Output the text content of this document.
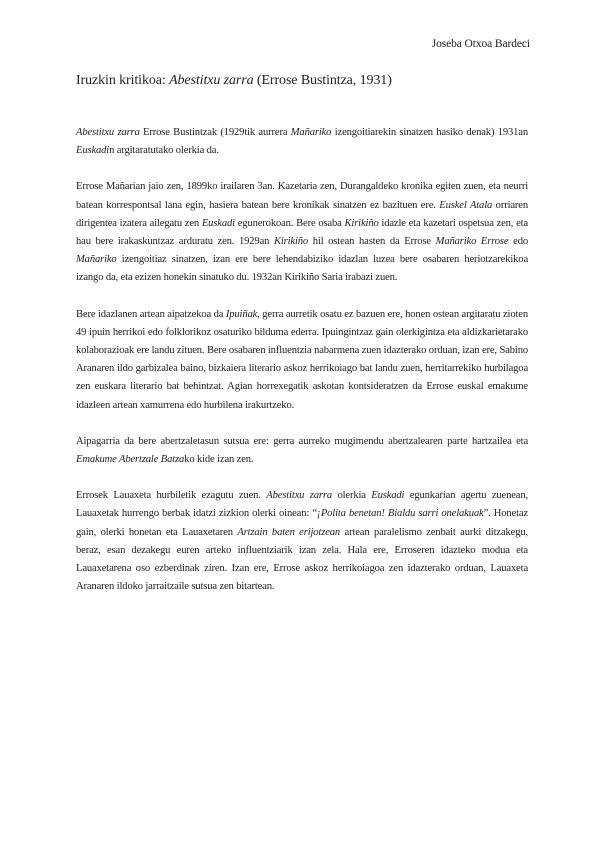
Joseba Otxoa Bardeci
Iruzkin kritikoa: Abestitxu zarra (Errose Bustintza, 1931)

Abestitxu zarra Errose Bustintzak (1929tik aurrera Mañariko izengoitiarekin sinatzen hasiko denak) 1931an Euskadin argitaratutako olerkia da.

Errose Mañarian jaio zen, 1899ko irailaren 3an. Kazetaria zen, Durangaldeko kronika egiten zuen, eta neurri batean korrespontsal lana egin, hasiera batean bere kronikak sinatzen ez bazituen ere. Euskel Atala orriaren dirigentea izatera ailegatu zen Euskadi egunerokoan. Bere osaba Kirikiño idazle eta kazetari ospetsua zen, eta hau bere irakaskuntzaz arduratu zen. 1929an Kirikiño hil ostean hasten da Errose Mañariko Errose edo Mañariko izengoitiaz sinatzen, izan ere bere lehendabiziko idazlan luzea bere osabaren heriotzarekikoa izango da, eta ezizen honekin sinatuko du. 1932an Kirikiño Saria irabazi zuen.

Bere idazlanen artean aipatzekoa da Ipuiñak, gerra aurretik osatu ez bazuen ere, honen ostean argitaratu zioten 49 ipuin herrikoi edo folklorikoz osaturiko bilduma ederra. Ipuingintzaz gain olerkigintza eta aldizkarietarako kolaborazioak ere landu zituen. Bere osabaren influentzia nabarmena zuen idazterako orduan, izan ere, Sabino Aranaren ildo garbizalea baino, bizkaiera literario askoz herrikoiago bat landu zuen, herritarrekiko hurbilagoa zen euskara literario bat behintzat. Agian horrexegatik askotan kontsideratzen da Errose euskal emakume idazleen artean xamurrena edo hurbilena irakurtzeko.

Aipagarria da bere abertzaletasun sutsua ere: gerra aurreko mugimendu abertzalearen parte hartzailea eta Emakume Abertzale Batzako kide izan zen.

Errosek Lauaxeta hurbiletik ezagutu zuen. Abestitxu zarra olerkia Euskadi egunkarian agertu zuenean, Lauaxetak hurrengo berbak idatzi zizkion olerki oinean: “¡Polita benetan! Bialdu sarri onelakuak”. Honetaz gain, olerki honetan eta Lauaxetaren Artzain baten erijotzean artean paralelismo zenbait aurki ditzakegu, beraz, esan dezakegu euren arteko influentziarik izan zela. Hala ere, Erroseren idazteko modua eta Lauaxetarena oso ezberdinak ziren. Izan ere, Errose askoz herrikoiagoa zen idazterako orduan, Lauaxeta Aranaren ildoko jarraitzaile sutsua zen bitartean.
